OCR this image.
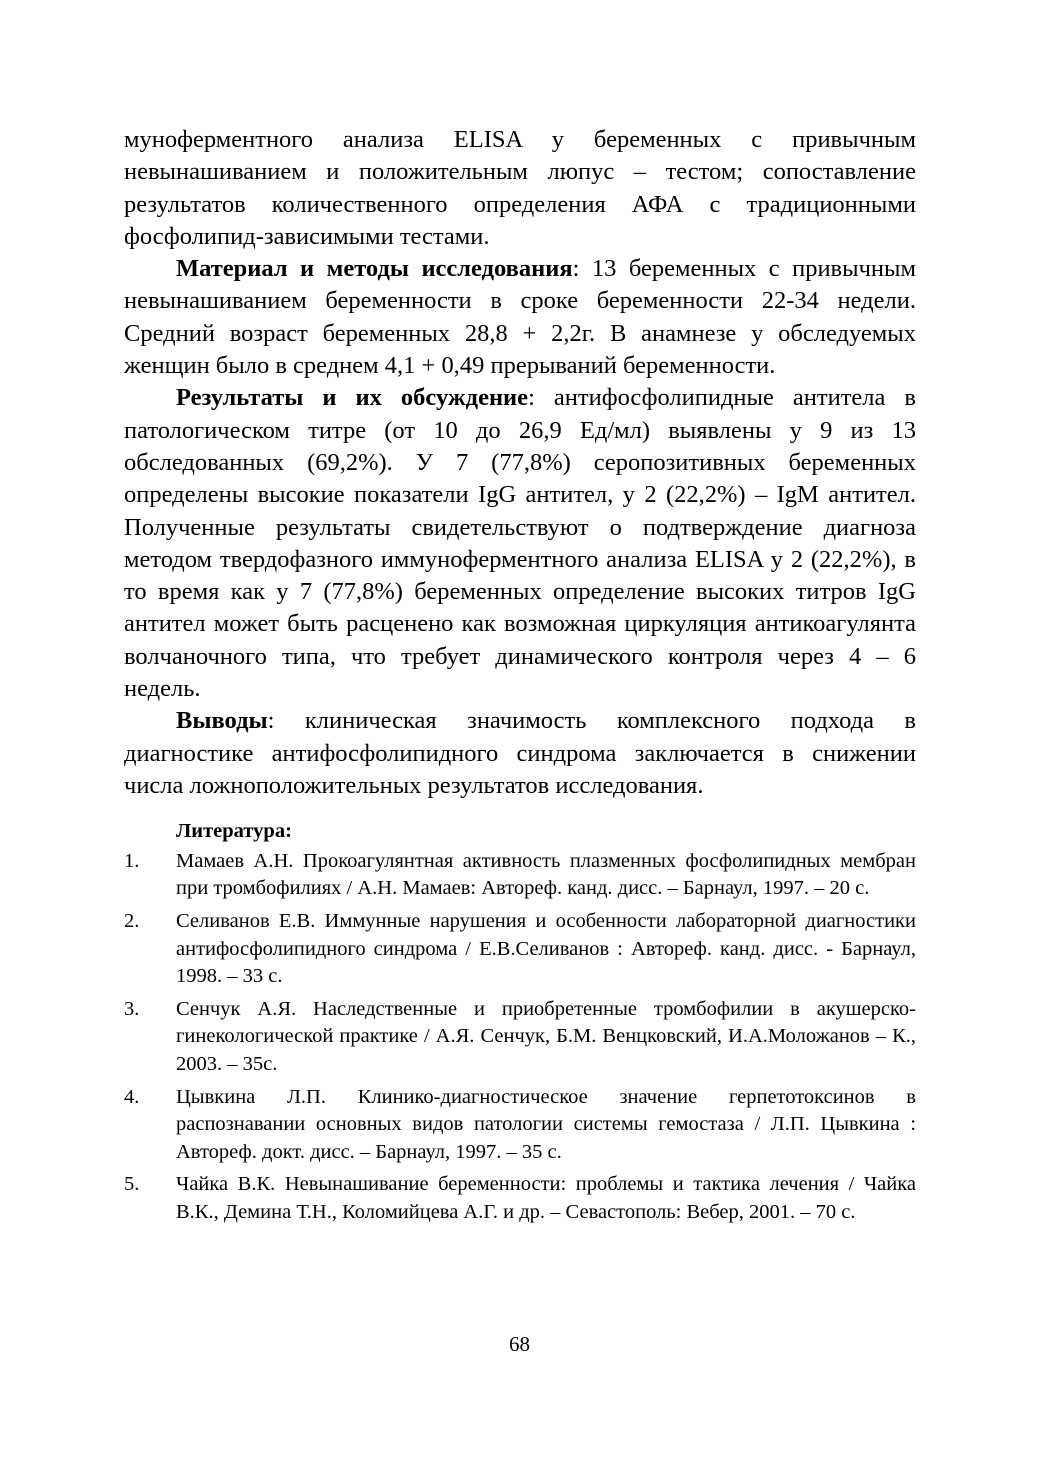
муноферментного анализа ELISA у беременных с привычным невынашиванием и положительным люпус – тестом; сопоставление результатов количественного определения АФА с традиционными фосфолипид-зависимыми тестами.

Материал и методы исследования: 13 беременных с привычным невынашиванием беременности в сроке беременности 22-34 недели. Средний возраст беременных 28,8 + 2,2г. В анамнезе у обследуемых женщин было в среднем 4,1 + 0,49 прерываний беременности.

Результаты и их обсуждение: антифосфолипидные антитела в патологическом титре (от 10 до 26,9 Ед/мл) выявлены у 9 из 13 обследованных (69,2%). У 7 (77,8%) серопозитивных беременных определены высокие показатели IgG антител, у 2 (22,2%) – IgM антител. Полученные результаты свидетельствуют о подтверждение диагноза методом твердофазного иммуноферментного анализа ELISA у 2 (22,2%), в то время как у 7 (77,8%) беременных определение высоких титров IgG антител может быть расценено как возможная циркуляция антикоагулянта волчаночного типа, что требует динамического контроля через 4 – 6 недель.

Выводы: клиническая значимость комплексного подхода в диагностике антифосфолипидного синдрома заключается в снижении числа ложноположительных результатов исследования.

Литература:
1. Мамаев А.Н. Прокоагулянтная активность плазменных фосфолипидных мембран при тромбофилиях / А.Н. Мамаев: Автореф. канд. дисс. – Барнаул, 1997. – 20 с.
2. Селиванов Е.В. Иммунные нарушения и особенности лабораторной диагностики антифосфолипидного синдрома / Е.В.Селиванов : Автореф. канд. дисс. - Барнаул, 1998. – 33 с.
3. Сенчук А.Я. Наследственные и приобретенные тромбофилии в акушерско-гинекологической практике / А.Я. Сенчук, Б.М. Венцковский, И.А.Моложанов – К., 2003. – 35с.
4. Цывкина Л.П. Клинико-диагностическое значение герпетотоксинов в распознавании основных видов патологии системы гемостаза / Л.П. Цывкина : Автореф. докт. дисс. – Барнаул, 1997. – 35 с.
5. Чайка В.К. Невынашивание беременности: проблемы и тактика лечения / Чайка В.К., Демина Т.Н., Коломийцева А.Г. и др. – Севастополь: Вебер, 2001. – 70 с.
68
